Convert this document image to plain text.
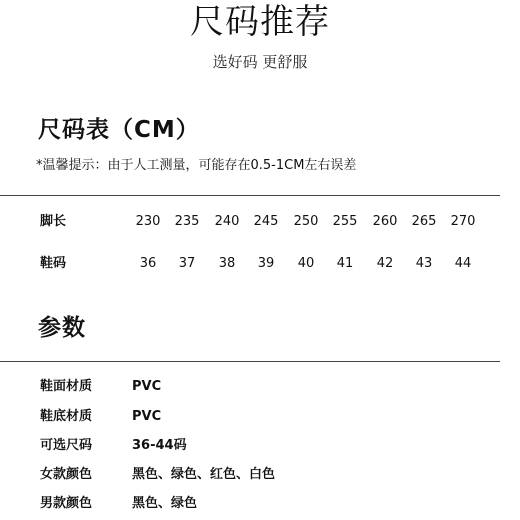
尺码推荐
选好码 更舒服
尺码表（CM）
*温馨提示：由于人工测量，可能存在0.5-1CM左右误差
脚长	230	235	240	245	250	255	260	265	270
鞋码	36	37	38	39	40	41	42	43	44
参数
鞋面材质	PVC
鞋底材质	PVC
可选尺码	36-44码
女款颜色	黑色、绿色、红色、白色
男款颜色	黑色、绿色
